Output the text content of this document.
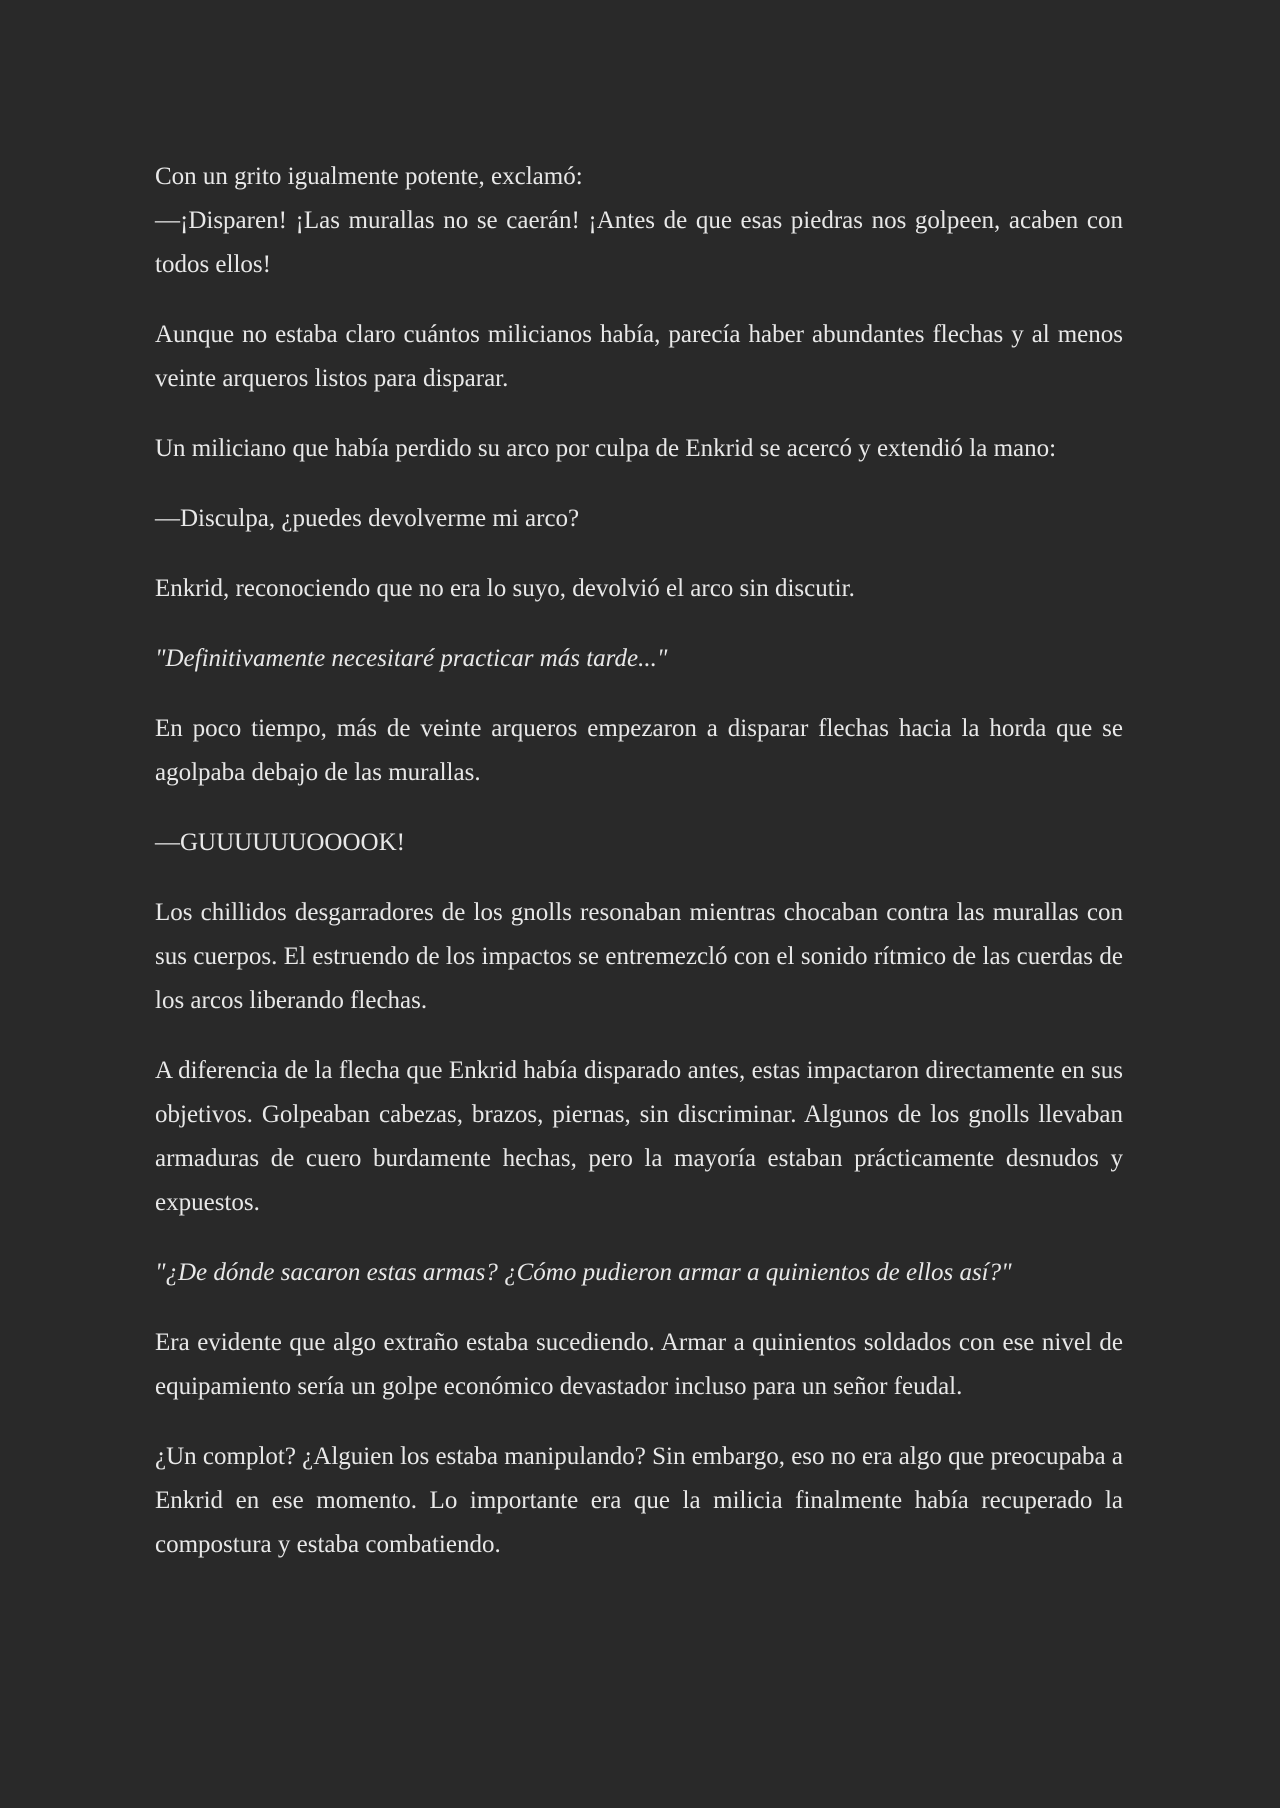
Con un grito igualmente potente, exclamó:

—¡Disparen! ¡Las murallas no se caerán! ¡Antes de que esas piedras nos golpeen, acaben con todos ellos!

Aunque no estaba claro cuántos milicianos había, parecía haber abundantes flechas y al menos veinte arqueros listos para disparar.

Un miliciano que había perdido su arco por culpa de Enkrid se acercó y extendió la mano:

—Disculpa, ¿puedes devolverme mi arco?

Enkrid, reconociendo que no era lo suyo, devolvió el arco sin discutir.

"Definitivamente necesitaré practicar más tarde..."

En poco tiempo, más de veinte arqueros empezaron a disparar flechas hacia la horda que se agolpaba debajo de las murallas.

—GUUUUUUOOOOK!

Los chillidos desgarradores de los gnolls resonaban mientras chocaban contra las murallas con sus cuerpos. El estruendo de los impactos se entremezcló con el sonido rítmico de las cuerdas de los arcos liberando flechas.

A diferencia de la flecha que Enkrid había disparado antes, estas impactaron directamente en sus objetivos. Golpeaban cabezas, brazos, piernas, sin discriminar. Algunos de los gnolls llevaban armaduras de cuero burdamente hechas, pero la mayoría estaban prácticamente desnudos y expuestos.

"¿De dónde sacaron estas armas? ¿Cómo pudieron armar a quinientos de ellos así?"

Era evidente que algo extraño estaba sucediendo. Armar a quinientos soldados con ese nivel de equipamiento sería un golpe económico devastador incluso para un señor feudal.

¿Un complot? ¿Alguien los estaba manipulando? Sin embargo, eso no era algo que preocupaba a Enkrid en ese momento. Lo importante era que la milicia finalmente había recuperado la compostura y estaba combatiendo.
